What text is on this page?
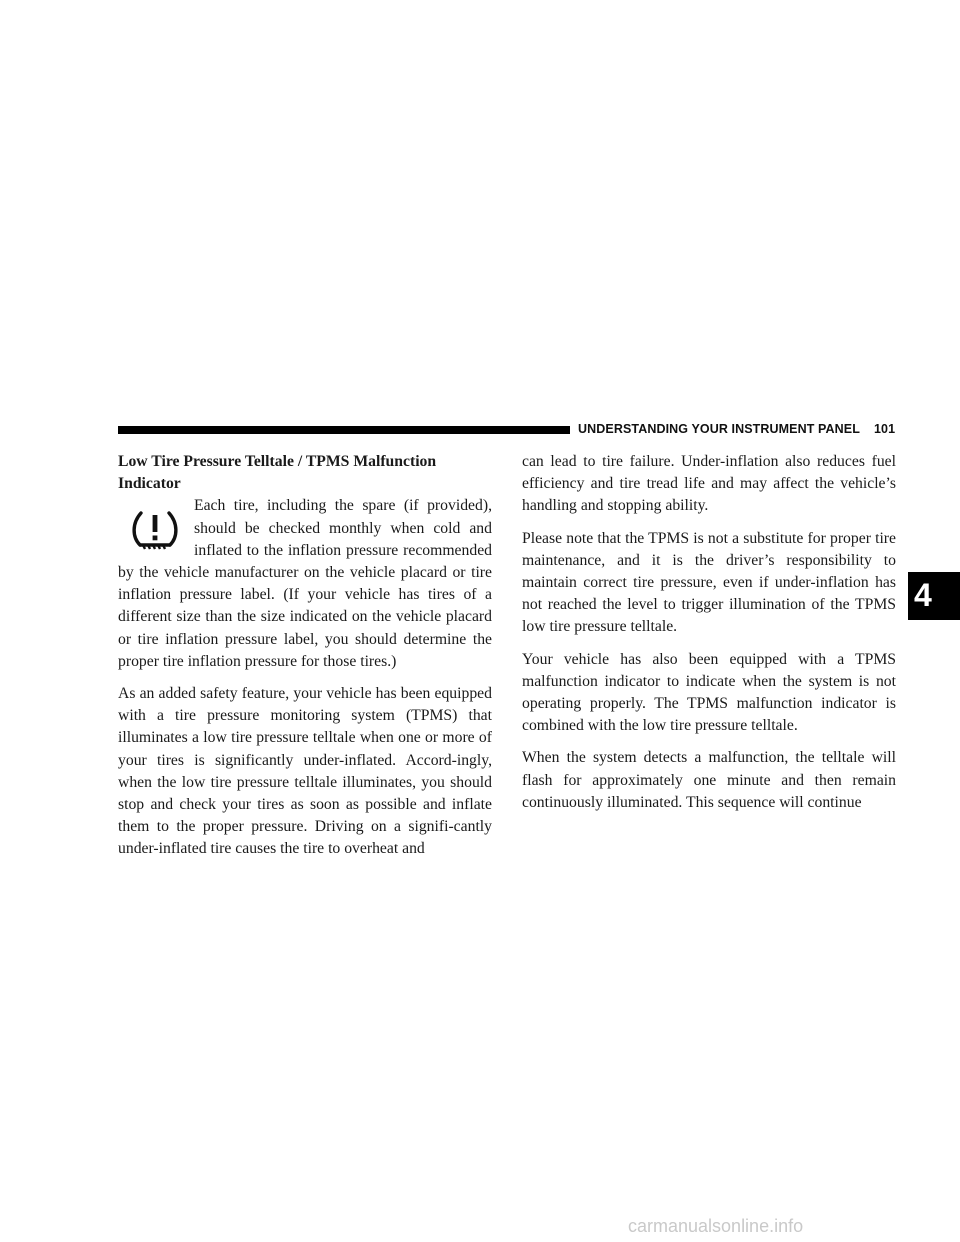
UNDERSTANDING YOUR INSTRUMENT PANEL 101
4
Low Tire Pressure Telltale / TPMS Malfunction Indicator

Each tire, including the spare (if provided), should be checked monthly when cold and inflated to the inflation pressure recommended by the vehicle manufacturer on the vehicle placard or tire inflation pressure label. (If your vehicle has tires of a different size than the size indicated on the vehicle placard or tire inflation pressure label, you should determine the proper tire inflation pressure for those tires.)

As an added safety feature, your vehicle has been equipped with a tire pressure monitoring system (TPMS) that illuminates a low tire pressure telltale when one or more of your tires is significantly under-inflated. Accord-ingly, when the low tire pressure telltale illuminates, you should stop and check your tires as soon as possible and inflate them to the proper pressure. Driving on a signifi-cantly under-inflated tire causes the tire to overheat and

can lead to tire failure. Under-inflation also reduces fuel efficiency and tire tread life and may affect the vehicle’s handling and stopping ability.

Please note that the TPMS is not a substitute for proper tire maintenance, and it is the driver’s responsibility to maintain correct tire pressure, even if under-inflation has not reached the level to trigger illumination of the TPMS low tire pressure telltale.

Your vehicle has also been equipped with a TPMS malfunction indicator to indicate when the system is not operating properly. The TPMS malfunction indicator is combined with the low tire pressure telltale.

When the system detects a malfunction, the telltale will flash for approximately one minute and then remain continuously illuminated. This sequence will continue

carmanualsonline.info
